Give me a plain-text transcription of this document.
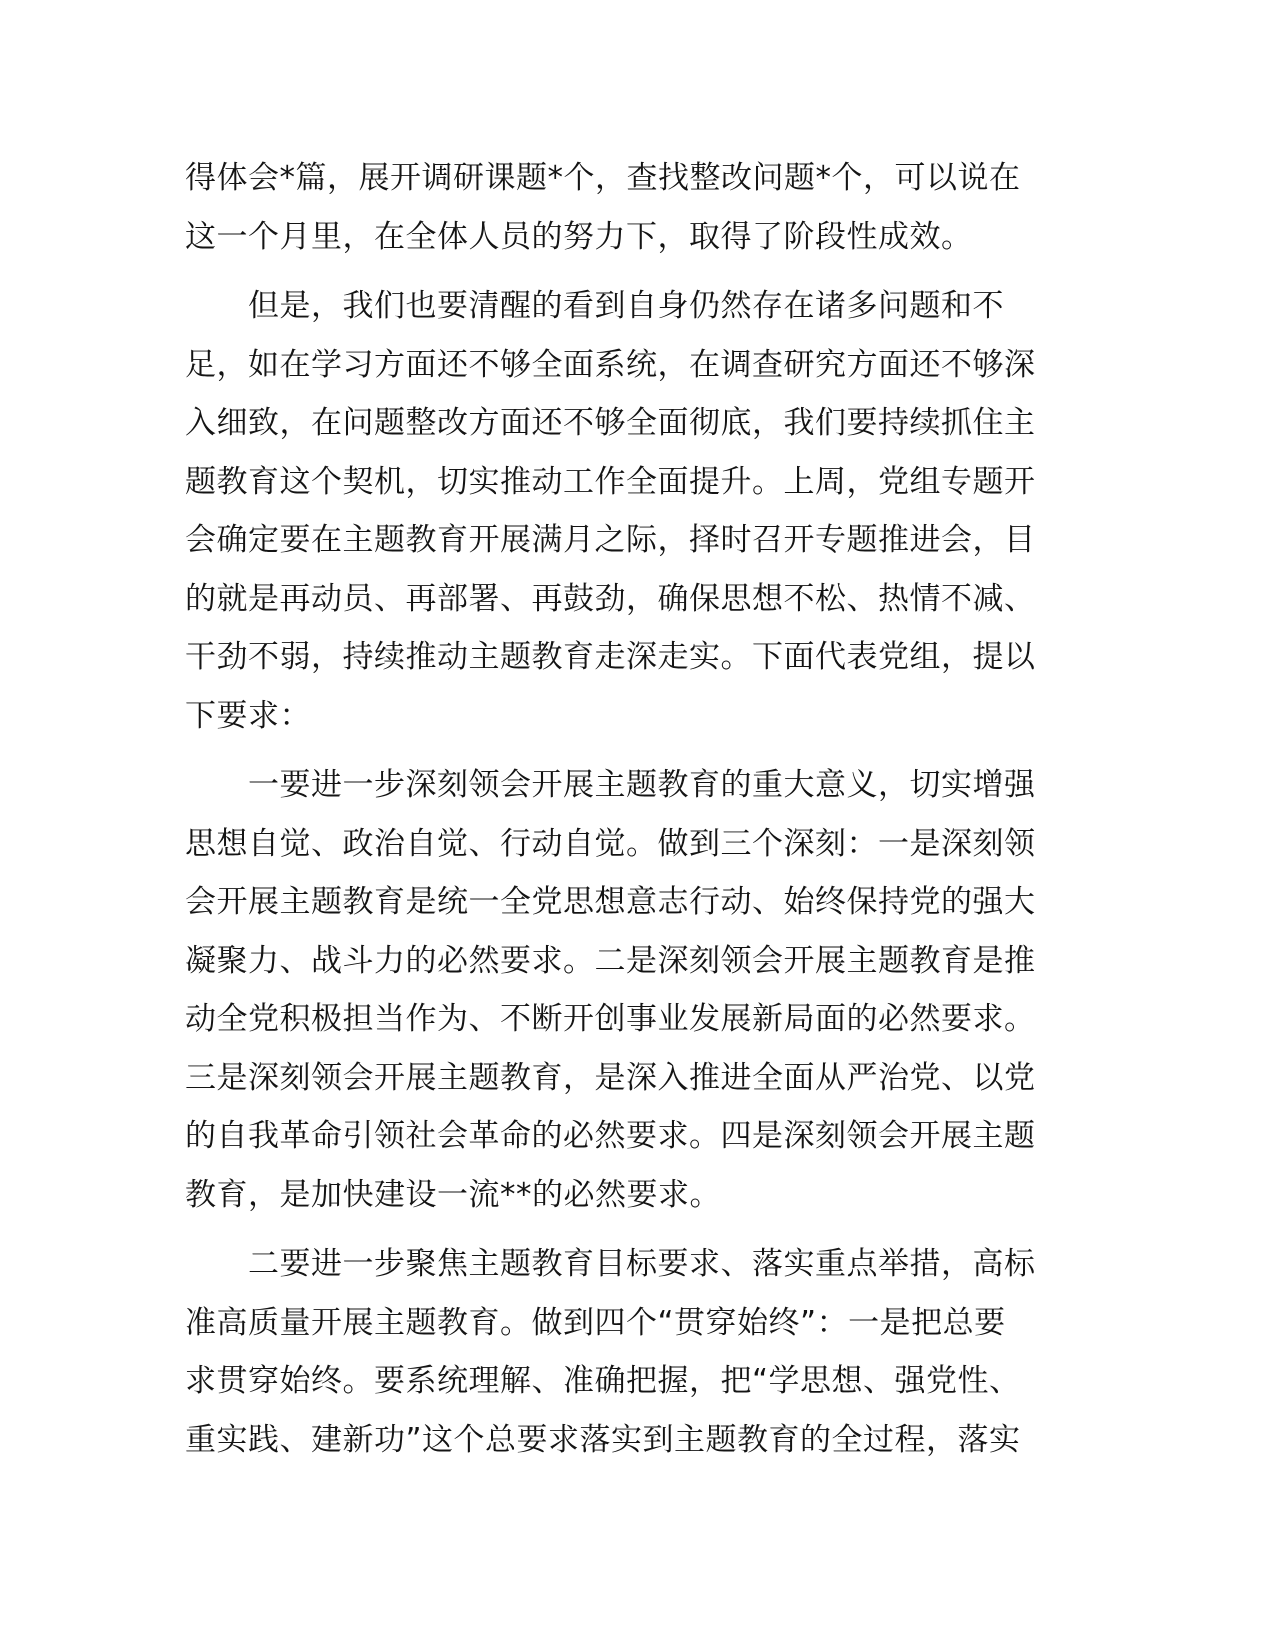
得体会*篇，展开调研课题*个，查找整改问题*个，可以说在
这一个月里，在全体人员的努力下，取得了阶段性成效。

　　但是，我们也要清醒的看到自身仍然存在诸多问题和不
足，如在学习方面还不够全面系统，在调查研究方面还不够深
入细致，在问题整改方面还不够全面彻底，我们要持续抓住主
题教育这个契机，切实推动工作全面提升。上周，党组专题开
会确定要在主题教育开展满月之际，择时召开专题推进会，目
的就是再动员、再部署、再鼓劲，确保思想不松、热情不减、
干劲不弱，持续推动主题教育走深走实。下面代表党组，提以
下要求：

　　一要进一步深刻领会开展主题教育的重大意义，切实增强
思想自觉、政治自觉、行动自觉。做到三个深刻：一是深刻领
会开展主题教育是统一全党思想意志行动、始终保持党的强大
凝聚力、战斗力的必然要求。二是深刻领会开展主题教育是推
动全党积极担当作为、不断开创事业发展新局面的必然要求。
三是深刻领会开展主题教育，是深入推进全面从严治党、以党
的自我革命引领社会革命的必然要求。四是深刻领会开展主题
教育，是加快建设一流**的必然要求。

　　二要进一步聚焦主题教育目标要求、落实重点举措，高标
准高质量开展主题教育。做到四个“贯穿始终”：一是把总要
求贯穿始终。要系统理解、准确把握，把“学思想、强党性、
重实践、建新功”这个总要求落实到主题教育的全过程，落实
